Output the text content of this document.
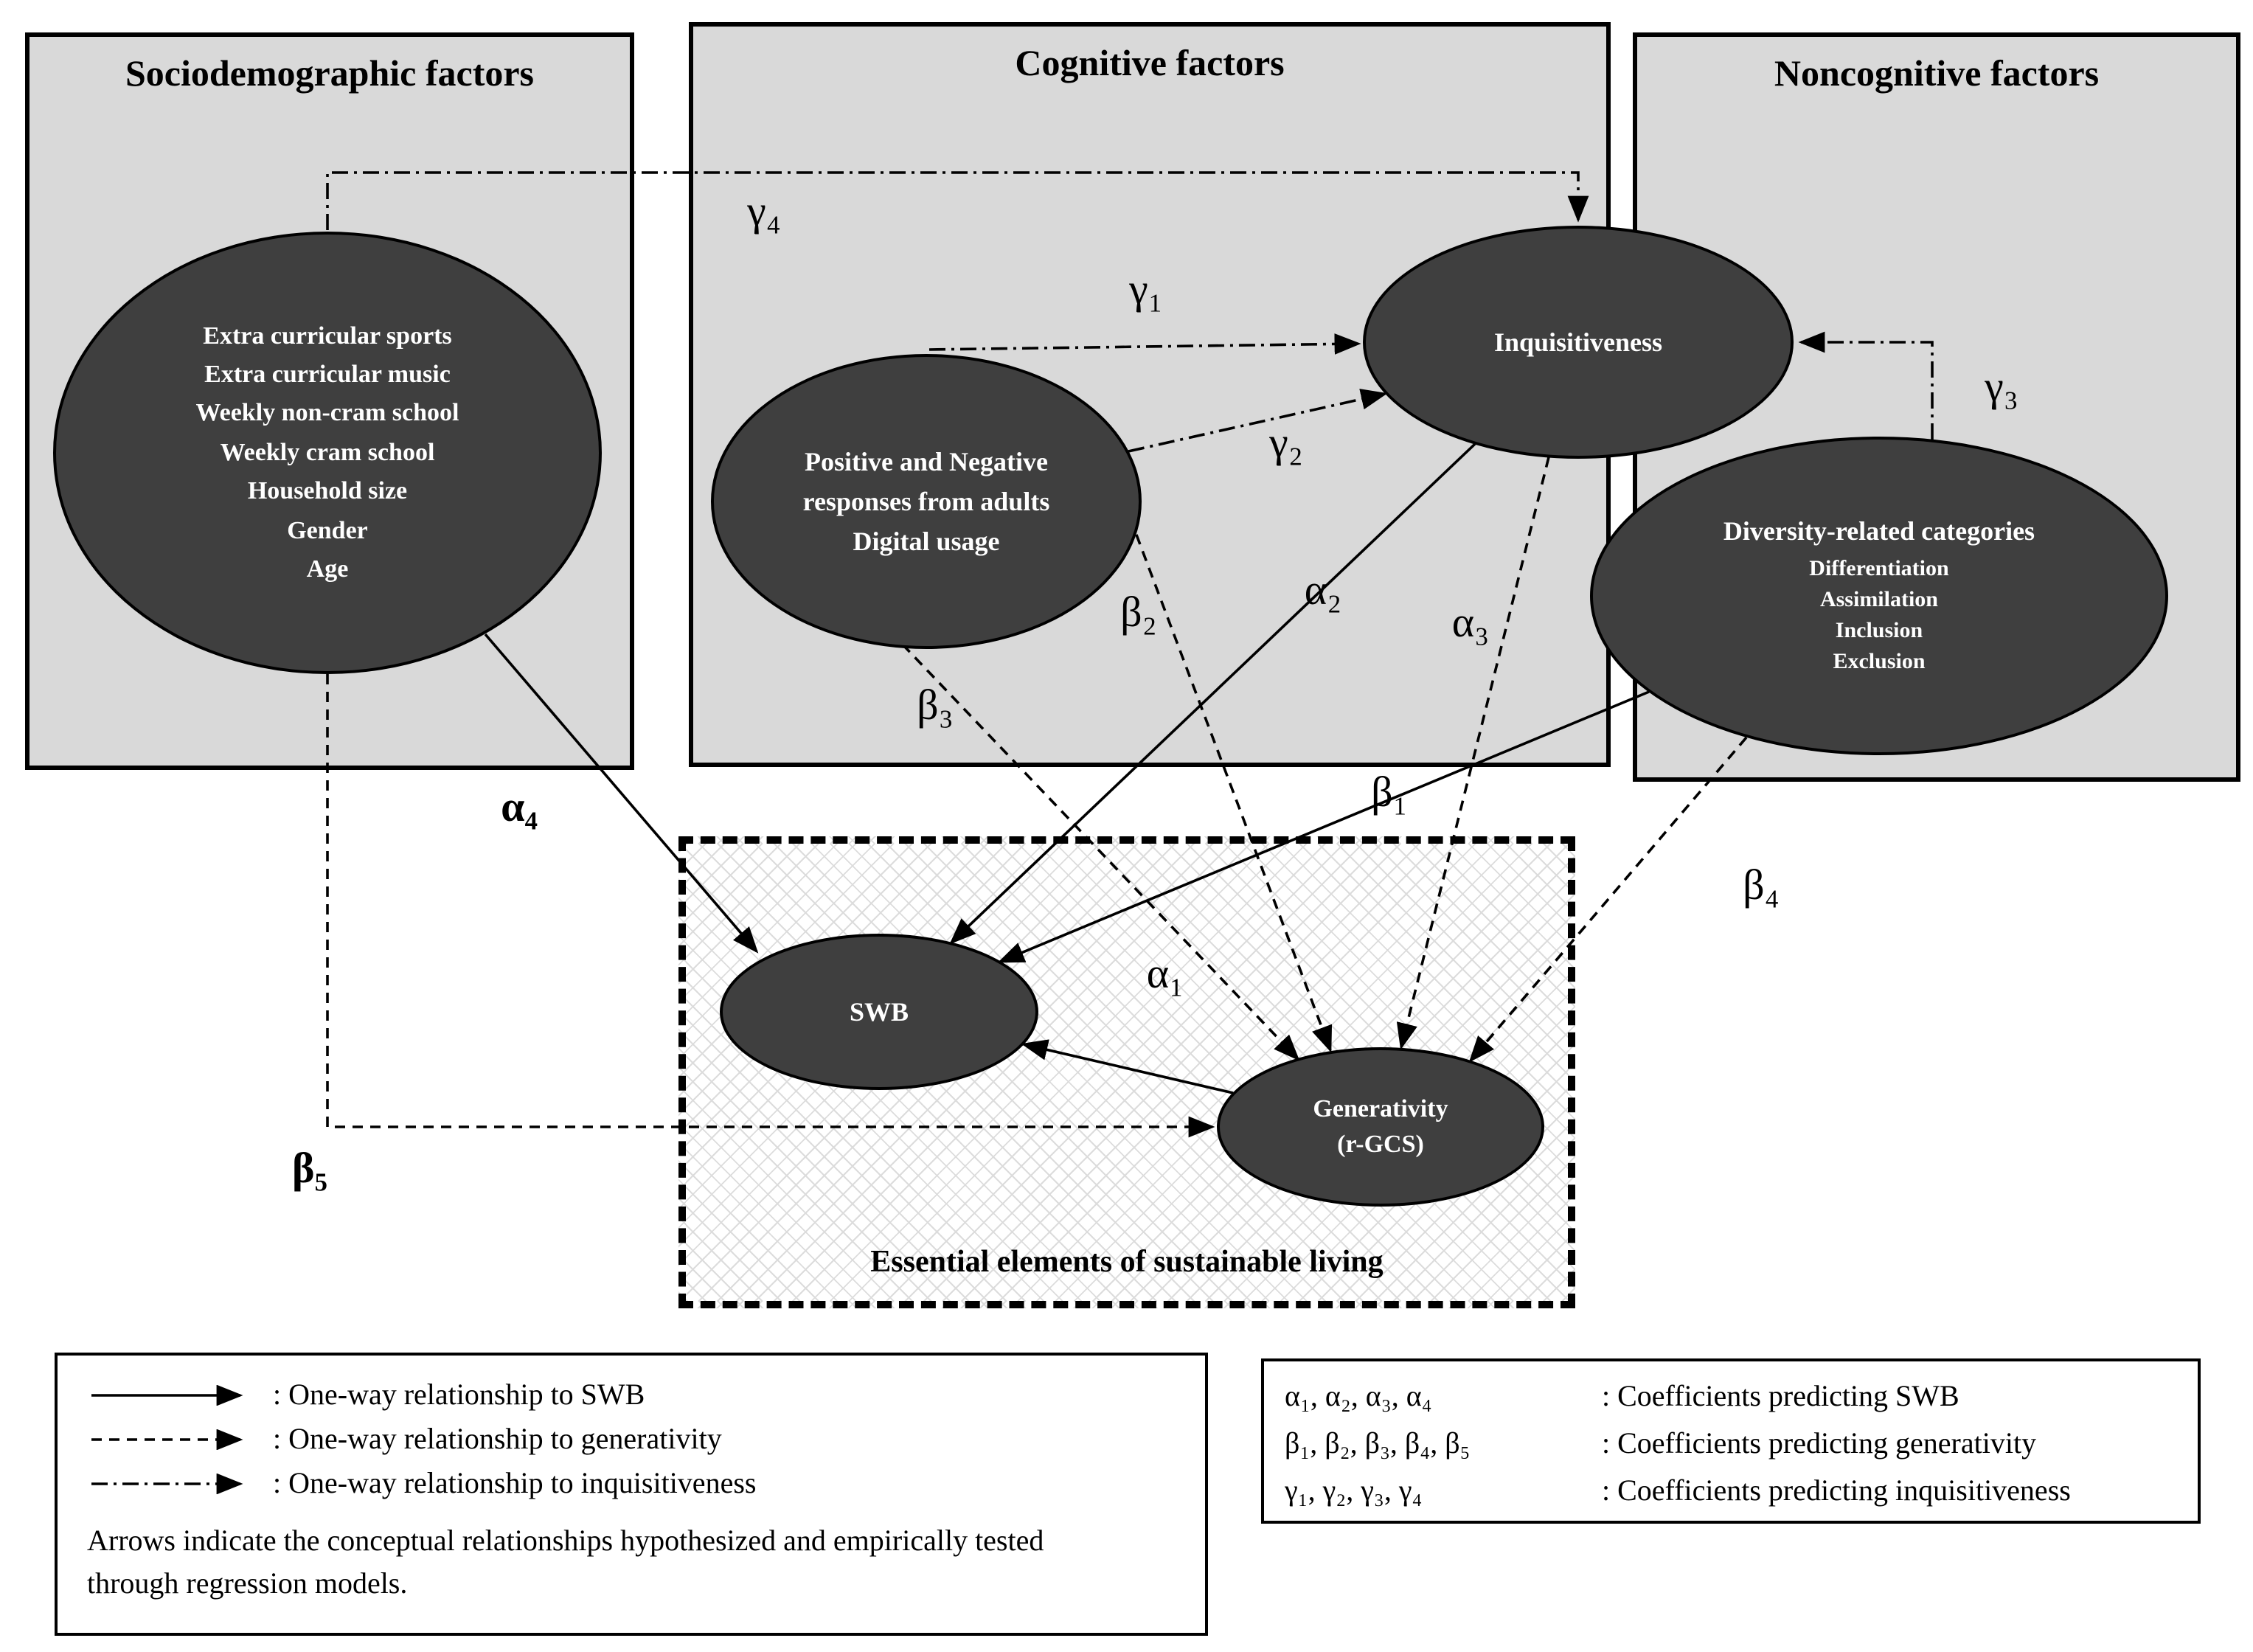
Sociodemographic factors	Cognitive factors	Noncognitive factors
Essential elements of sustainable living
Extra curricular sports
Extra curricular music
Weekly non-cram school
Weekly cram school
Household size
Gender
Age
Positive and Negative
responses from adults
Digital usage
Inquisitiveness
Diversity-related categories
Differentiation
Assimilation
Inclusion
Exclusion
SWB
Generativity
(r-GCS)
γ₄
γ₁
γ₂
γ₃
α₂
α₃
β₂
β₃
β₁
α₄
β₄
α₁
β₅
: One-way relationship to SWB
: One-way relationship to generativity
: One-way relationship to inquisitiveness
Arrows indicate the conceptual relationships hypothesized and empirically tested through regression models.
α₁, α₂, α₃, α₄	: Coefficients predicting SWB
β₁, β₂, β₃, β₄, β₅	: Coefficients predicting generativity
γ₁, γ₂, γ₃, γ₄	: Coefficients predicting inquisitiveness
